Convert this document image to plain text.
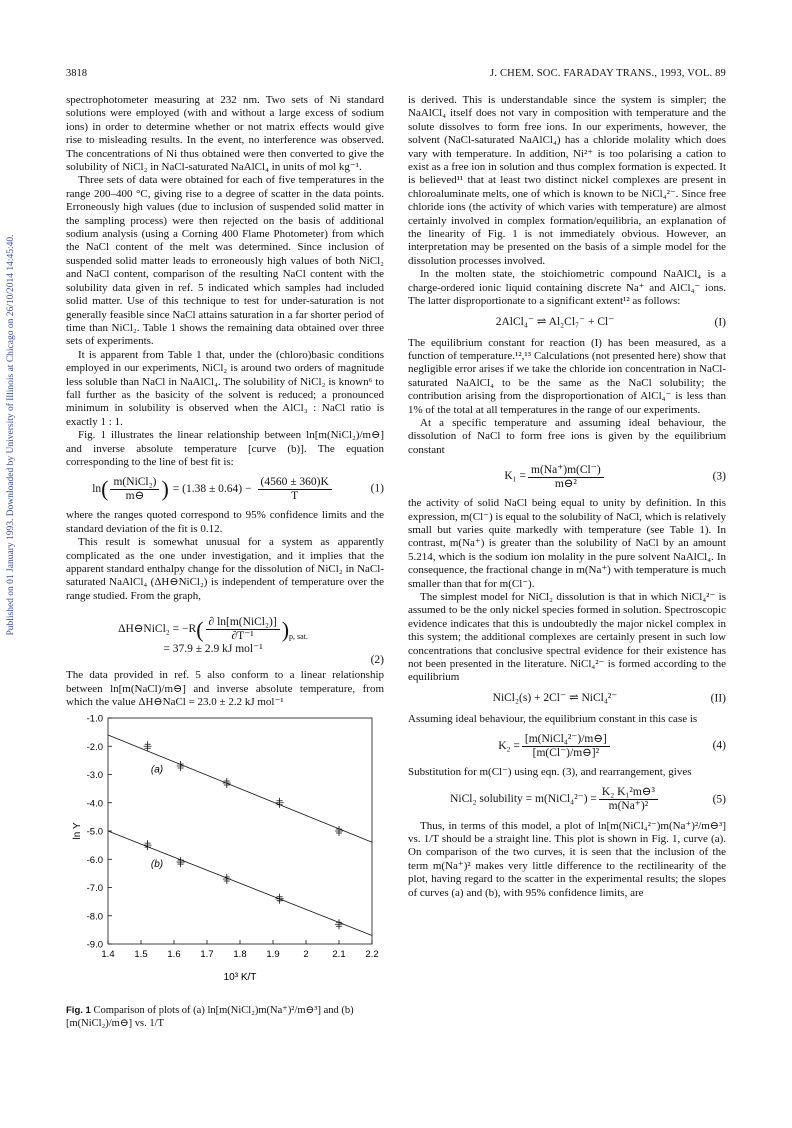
3818	J. CHEM. SOC. FARADAY TRANS., 1993, VOL. 89
Published on 01 January 1993. Downloaded by University of Illinois at Chicago on 26/10/2014 14:45:40.

spectrophotometer measuring at 232 nm. Two sets of Ni standard solutions were employed (with and without a large excess of sodium ions) in order to determine whether or not matrix effects would give rise to misleading results. In the event, no interference was observed. The concentrations of Ni thus obtained were then converted to give the solubility of NiCl₂ in NaCl-saturated NaAlCl₄ in units of mol kg⁻¹.

Three sets of data were obtained for each of five temperatures in the range 200–400 °C, giving rise to a degree of scatter in the data points. Erroneously high values (due to inclusion of suspended solid matter in the sampling process) were then rejected on the basis of additional sodium analysis (using a Corning 400 Flame Photometer) from which the NaCl content of the melt was determined. Since inclusion of suspended solid matter leads to erroneously high values of both NiCl₂ and NaCl content, comparison of the resulting NaCl content with the solubility data given in ref. 5 indicated which samples had included solid matter. Use of this technique to test for under-saturation is not generally feasible since NaCl attains saturation in a far shorter period of time than NiCl₂. Table 1 shows the remaining data obtained over three sets of experiments.

It is apparent from Table 1 that, under the (chloro)basic conditions employed in our experiments, NiCl₂ is around two orders of magnitude less soluble than NaCl in NaAlCl₄. The solubility of NiCl₂ is known⁶ to fall further as the basicity of the solvent is reduced; a pronounced minimum in solubility is observed when the AlCl₃ : NaCl ratio is exactly 1 : 1.

Fig. 1 illustrates the linear relationship between ln[m(NiCl₂)/m⊖] and inverse absolute temperature [curve (b)]. The equation corresponding to the line of best fit is:

ln ( $\frac{\text{m(NiCl₂)}}{m⊖}$ ) = $(1.38 \pm 0.64) - \frac{(4560 \pm 360)K}{T}$	(1)

where the ranges quoted correspond to 95% confidence limits and the standard deviation of the fit is 0.12.

This result is somewhat unusual for a system as apparently complicated as the one under investigation, and it implies that the apparent standard enthalpy change for the dissolution of NiCl₂ in NaCl-saturated NaAlCl₄ (ΔH⊖NiCl₂) is independent of temperature over the range studied. From the graph,

ΔH⊖NiCl₂ = −R ( $\frac{\text{∂ ln[m(NiCl₂)]}}{\text{∂T⁻¹}}$ ) p, sat.
= 37.9 ± 2.9 kJ mol⁻¹
(2)

The data provided in ref. 5 also conform to a linear relationship between ln[m(NaCl)/m⊖] and inverse absolute temperature, from which the value ΔH⊖NaCl = 23.0 ± 2.2 kJ mol⁻¹

ln Y
10³ K/T
1.4 1.5 1.6 1.7 1.8 1.9 2 2.1 2.2
-1.0
-2.0
-3.0
-4.0
-5.0
-6.0
-7.0
-8.0
-9.0
(a)
(b)
Fig. 1 Comparison of plots of (a) ln[m(NiCl₂)m(Na⁺)²/m⊖³] and (b) [m(NiCl₂)/m⊖] vs. 1/T

is derived. This is understandable since the system is simpler; the NaAlCl₄ itself does not vary in composition with temperature and the solute dissolves to form free ions. In our experiments, however, the solvent (NaCl-saturated NaAlCl₄) has a chloride molality which does vary with temperature. In addition, Ni²⁺ is too polarising a cation to exist as a free ion in solution and thus complex formation is expected. It is believed¹¹ that at least two distinct nickel complexes are present in chloroaluminate melts, one of which is known to be NiCl₄²⁻. Since free chloride ions (the activity of which varies with temperature) are almost certainly involved in complex formation/equilibria, an explanation of the linearity of Fig. 1 is not immediately obvious. However, an interpretation may be presented on the basis of a simple model for the dissolution processes involved.

In the molten state, the stoichiometric compound NaAlCl₄ is a charge-ordered ionic liquid containing discrete Na⁺ and AlCl₄⁻ ions. The latter disproportionate to a significant extent¹² as follows:

2AlCl₄⁻ ⇌ Al₂Cl₇⁻ + Cl⁻	(I)

The equilibrium constant for reaction (I) has been measured, as a function of temperature.¹²,¹³ Calculations (not presented here) show that negligible error arises if we take the chloride ion concentration in NaCl-saturated NaAlCl₄ to be the same as the NaCl solubility; the contribution arising from the disproportionation of AlCl₄⁻ is less than 1% of the total at all temperatures in the range of our experiments.

At a specific temperature and assuming ideal behaviour, the dissolution of NaCl to form free ions is given by the equilibrium constant

$K_1 = \frac{m(Na^+)m(Cl^-)}{\text{m⊖²}}$	(3)

the activity of solid NaCl being equal to unity by definition. In this expression, m(Cl⁻) is equal to the solubility of NaCl, which is relatively small but varies quite markedly with temperature (see Table 1). In contrast, m(Na⁺) is greater than the solubility of NaCl by an amount 5.214, which is the sodium ion molality in the pure solvent NaAlCl₄. In consequence, the fractional change in m(Na⁺) with temperature is much smaller than that for m(Cl⁻).

The simplest model for NiCl₂ dissolution is that in which NiCl₄²⁻ is assumed to be the only nickel species formed in solution. Spectroscopic evidence indicates that this is undoubtedly the major nickel complex in this system; the additional complexes are certainly present in such low concentrations that conclusive spectral evidence for their existence has not been presented in the literature. NiCl₄²⁻ is formed according to the equilibrium

NiCl₂(s) + 2Cl⁻ ⇌ NiCl₄²⁻	(II)

Assuming ideal behaviour, the equilibrium constant in this case is

$K_2 = \frac{\text{[m(NiCl₄²⁻)/m⊖]}}{\text{[m(Cl⁻)/m⊖]²}}$	(4)

Substitution for m(Cl⁻) using eqn. (3), and rearrangement, gives

NiCl₂ solubility = m(NiCl₄²⁻) = $\frac{\text{K₂ K₁²m⊖³}}{\text{m(Na⁺)²}}$	(5)

Thus, in terms of this model, a plot of ln[m(NiCl₄²⁻)m(Na⁺)²/m⊖³] vs. 1/T should be a straight line. This plot is shown in Fig. 1, curve (a). On comparison of the two curves, it is seen that the inclusion of the term m(Na⁺)² makes very little difference to the rectilinearity of the plot, having regard to the scatter in the experimental results; the slopes of curves (a) and (b), with 95% confidence limits, are
